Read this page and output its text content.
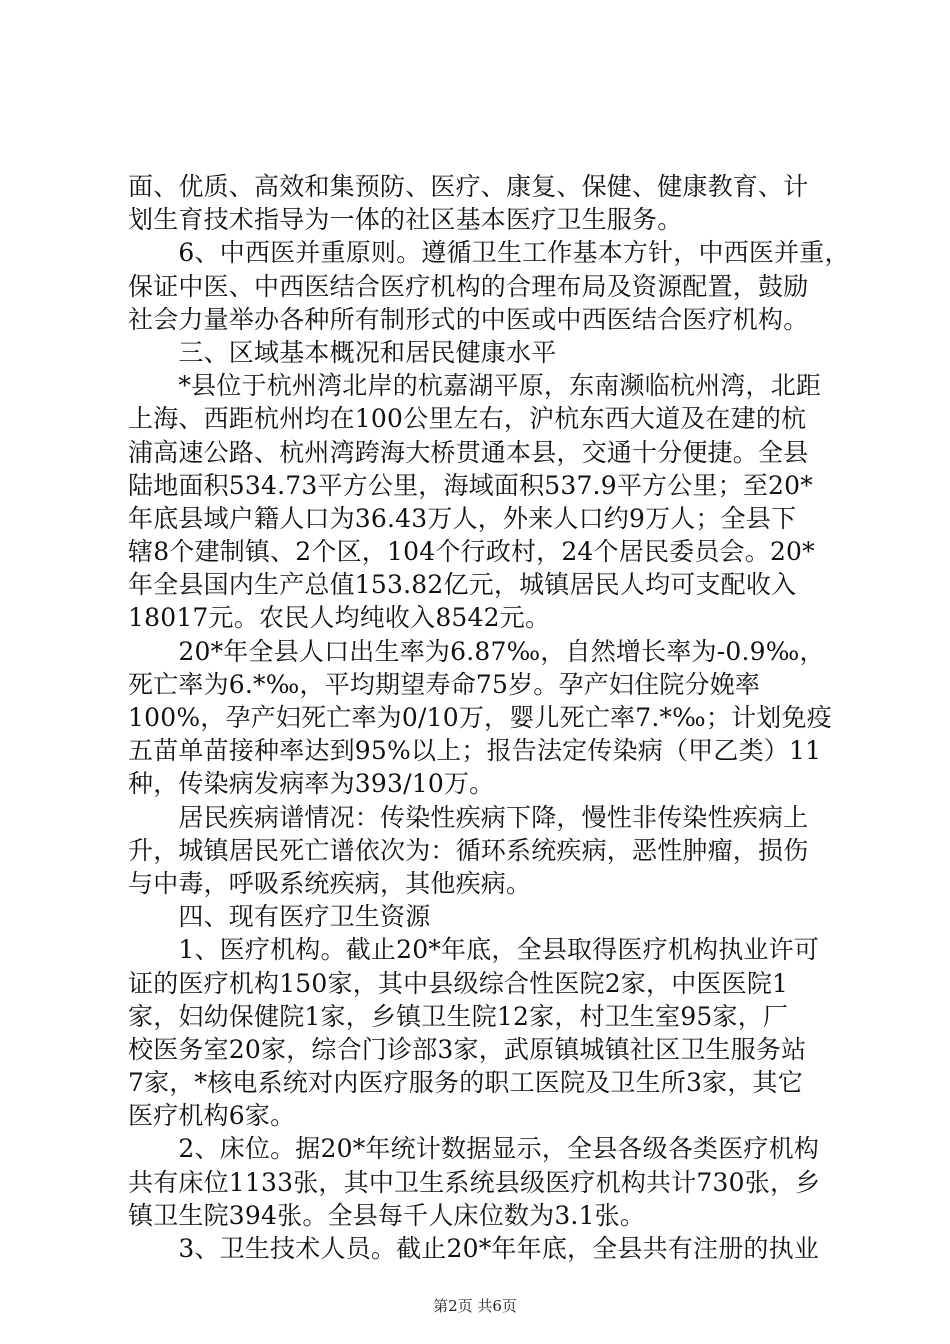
面、优质、高效和集预防、医疗、康复、保健、健康教育、计
划生育技术指导为一体的社区基本医疗卫生服务。
　　6、中西医并重原则。遵循卫生工作基本方针，中西医并重，
保证中医、中西医结合医疗机构的合理布局及资源配置，鼓励
社会力量举办各种所有制形式的中医或中西医结合医疗机构。
　　三、区域基本概况和居民健康水平
　　*县位于杭州湾北岸的杭嘉湖平原，东南濒临杭州湾，北距
上海、西距杭州均在100公里左右，沪杭东西大道及在建的杭
浦高速公路、杭州湾跨海大桥贯通本县，交通十分便捷。全县
陆地面积534.73平方公里，海域面积537.9平方公里；至20*
年底县域户籍人口为36.43万人，外来人口约9万人；全县下
辖8个建制镇、2个区，104个行政村，24个居民委员会。20*
年全县国内生产总值153.82亿元，城镇居民人均可支配收入
18017元。农民人均纯收入8542元。
　　20*年全县人口出生率为6.87‰，自然增长率为-0.9‰，
死亡率为6.*‰，平均期望寿命75岁。孕产妇住院分娩率
100%，孕产妇死亡率为0/10万，婴儿死亡率7.*‰；计划免疫
五苗单苗接种率达到95%以上；报告法定传染病（甲乙类）11
种，传染病发病率为393/10万。
　　居民疾病谱情况：传染性疾病下降，慢性非传染性疾病上
升，城镇居民死亡谱依次为：循环系统疾病，恶性肿瘤，损伤
与中毒，呼吸系统疾病，其他疾病。
　　四、现有医疗卫生资源
　　1、医疗机构。截止20*年底，全县取得医疗机构执业许可
证的医疗机构150家，其中县级综合性医院2家，中医医院1
家，妇幼保健院1家，乡镇卫生院12家，村卫生室95家，厂
校医务室20家，综合门诊部3家，武原镇城镇社区卫生服务站
7家，*核电系统对内医疗服务的职工医院及卫生所3家，其它
医疗机构6家。
　　2、床位。据20*年统计数据显示，全县各级各类医疗机构
共有床位1133张，其中卫生系统县级医疗机构共计730张，乡
镇卫生院394张。全县每千人床位数为3.1张。
　　3、卫生技术人员。截止20*年年底，全县共有注册的执业
第2页 共6页
